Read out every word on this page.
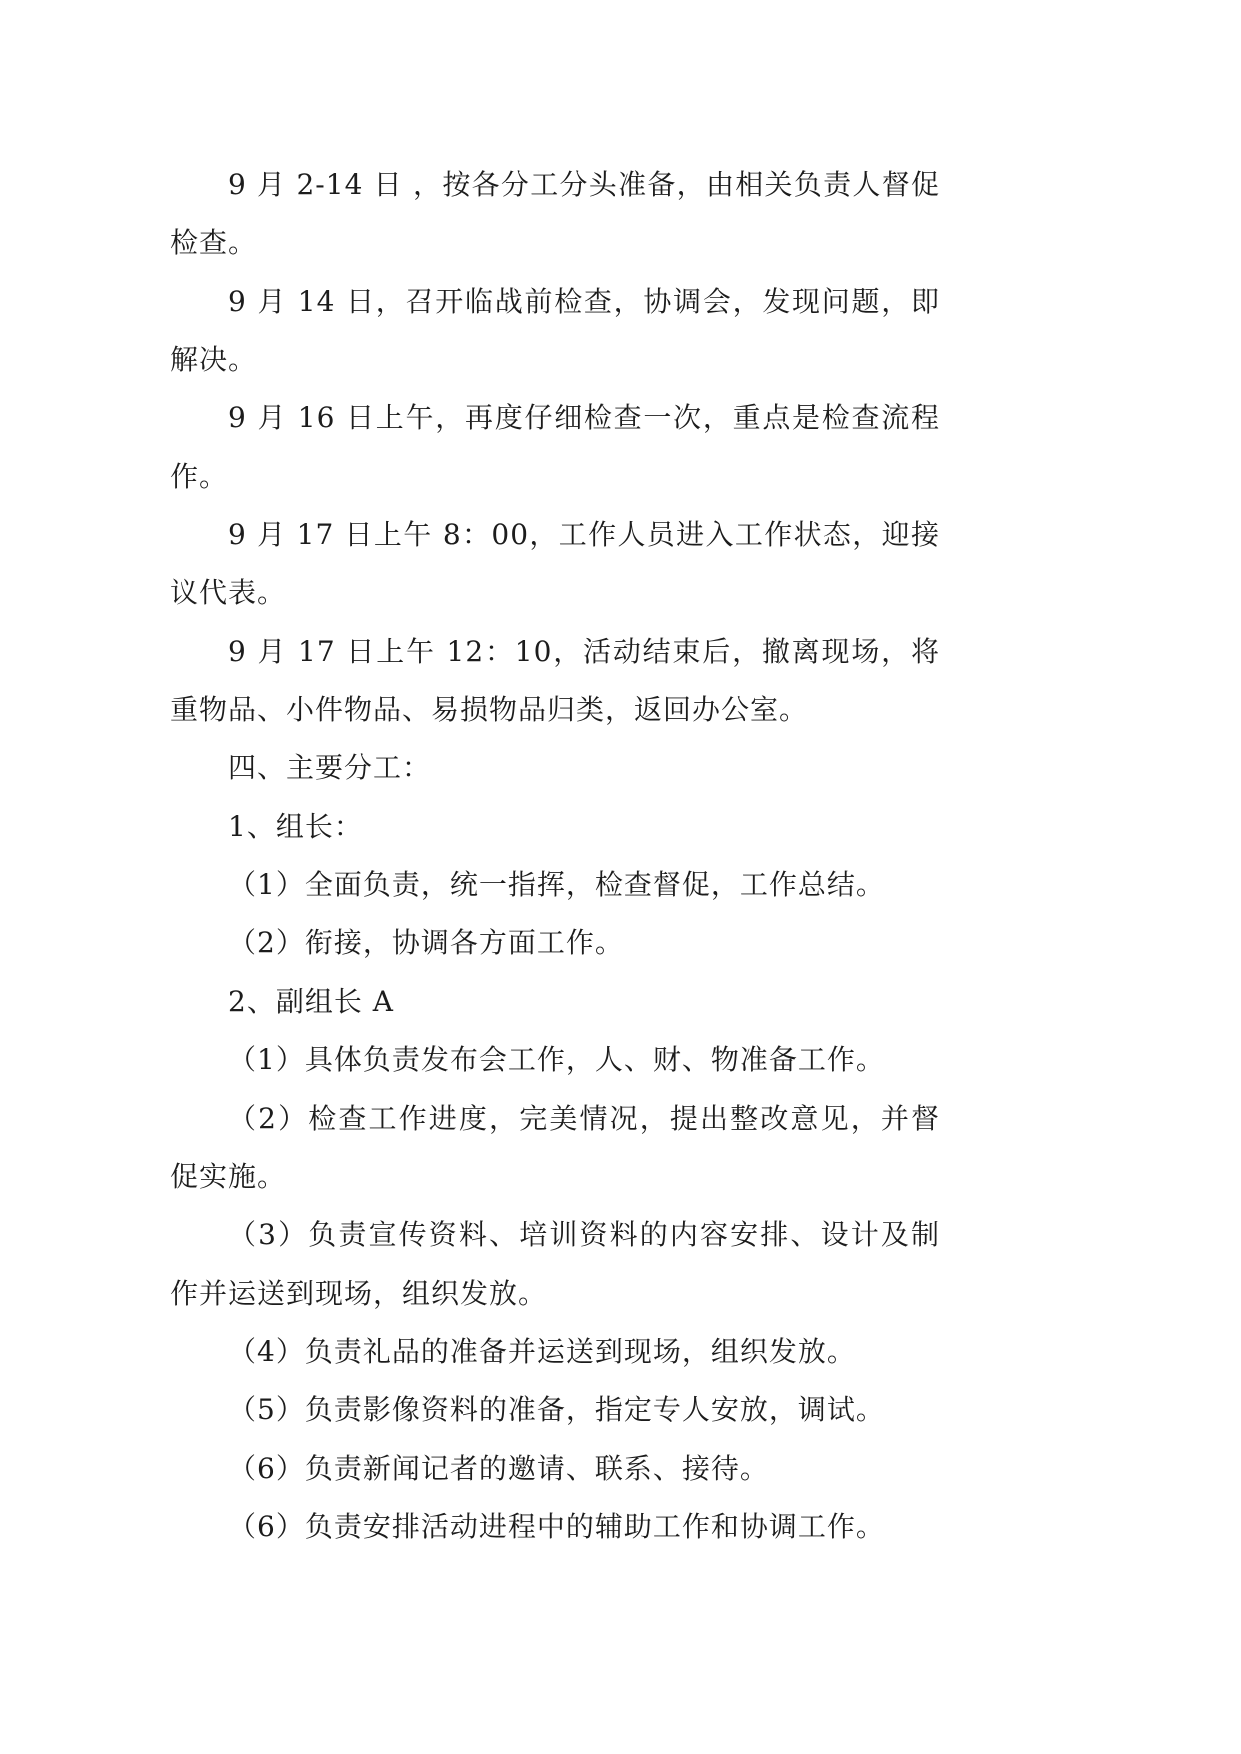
9 月 2-14 日 ，按各分工分头准备，由相关负责人督促
检查。
9 月 14 日，召开临战前检查，协调会，发现问题，即
解决。
9 月 16 日上午，再度仔细检查一次，重点是检查流程
作。
9 月 17 日上午 8：00，工作人员进入工作状态，迎接
议代表。
9 月 17 日上午 12：10，活动结束后，撤离现场，将
重物品、小件物品、易损物品归类，返回办公室。
四、主要分工：
1、组长：
（1）全面负责，统一指挥，检查督促，工作总结。
（2）衔接，协调各方面工作。
2、副组长 A
（1）具体负责发布会工作，人、财、物准备工作。
（2）检查工作进度，完美情况，提出整改意见，并督
促实施。
（3）负责宣传资料、培训资料的内容安排、设计及制
作并运送到现场，组织发放。
（4）负责礼品的准备并运送到现场，组织发放。
（5）负责影像资料的准备，指定专人安放，调试。
（6）负责新闻记者的邀请、联系、接待。
（6）负责安排活动进程中的辅助工作和协调工作。
